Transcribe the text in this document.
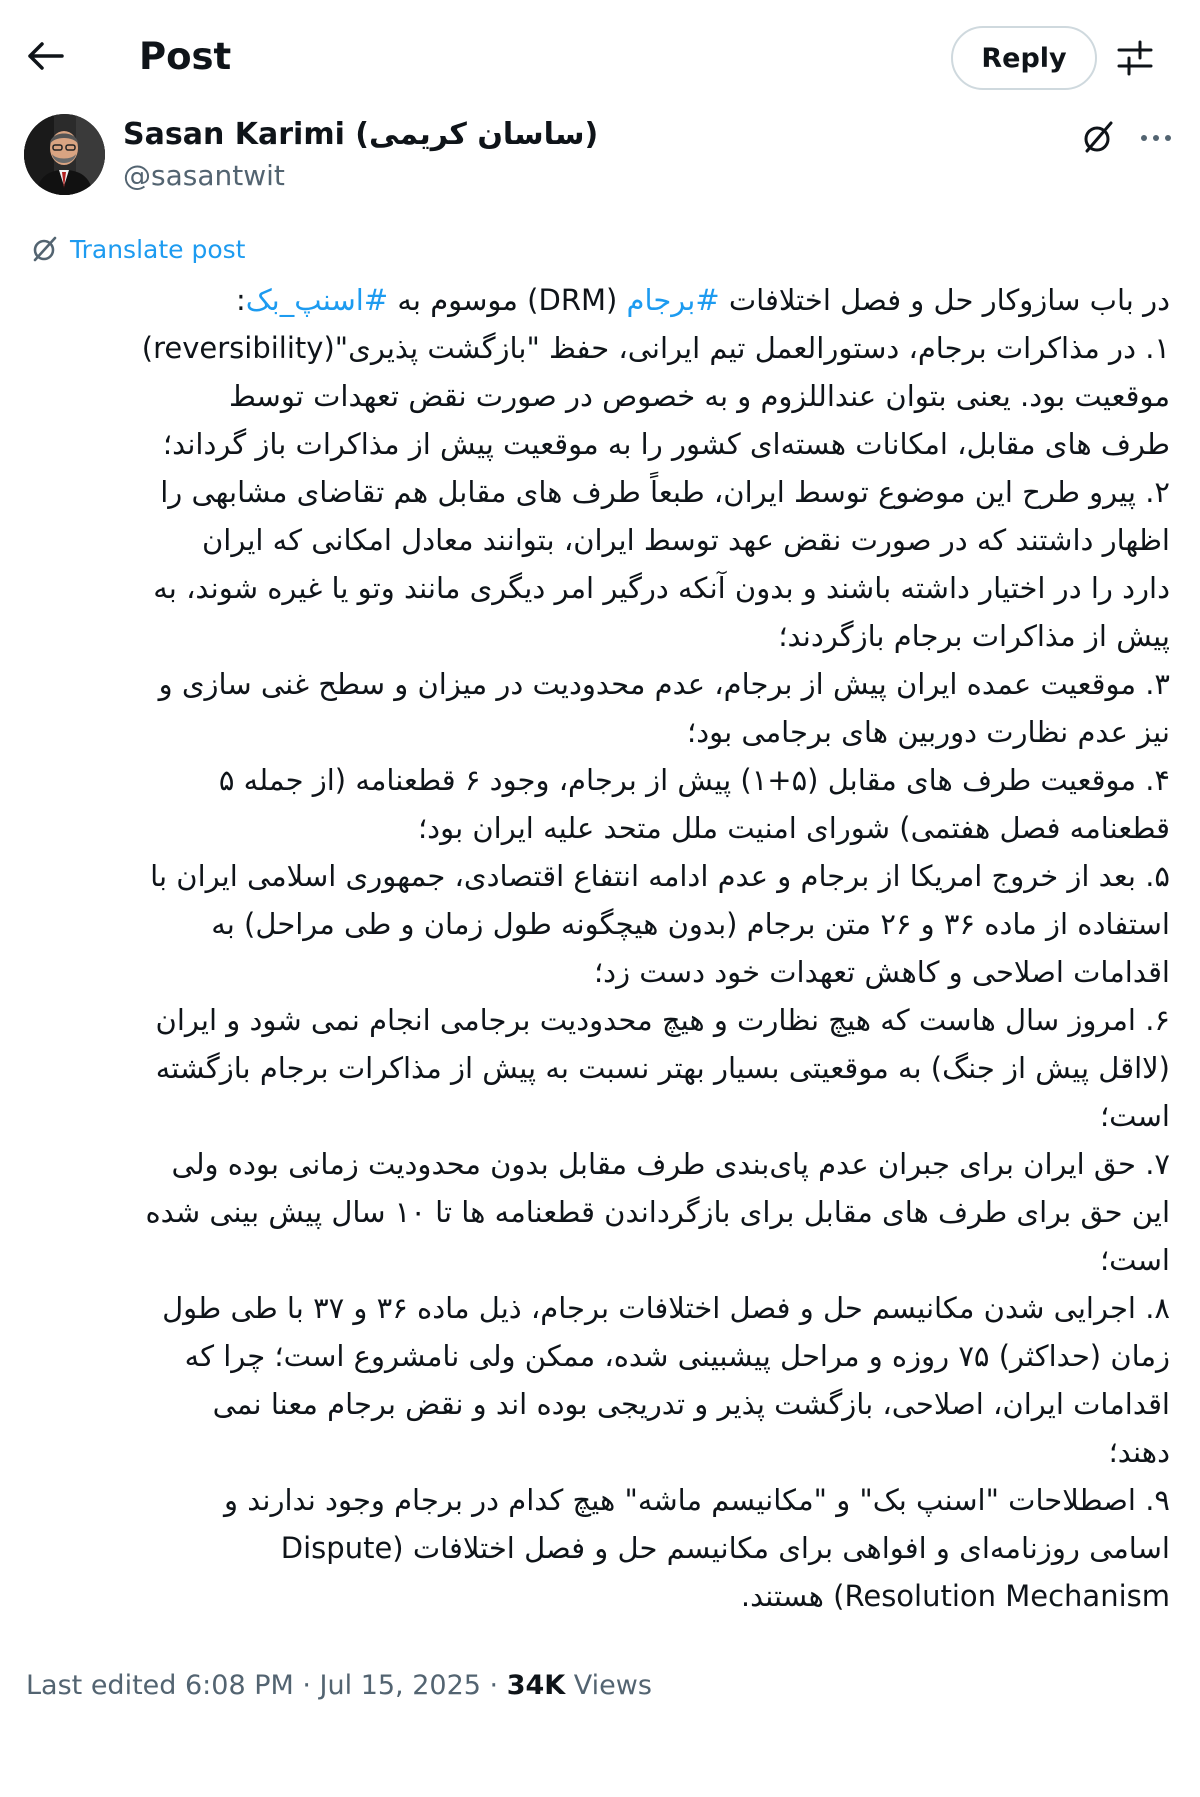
Post	Reply
Sasan Karimi (ساسان کریمی)
@sasantwit
Translate post
در باب سازوکار حل و فصل اختلافات #برجام (DRM) موسوم به #اسنپ_بک:
۱. در مذاکرات برجام، دستورالعمل تیم ایرانی، حفظ "بازگشت پذیری"(reversibility)
موقعیت بود. یعنی بتوان عنداللزوم و به خصوص در صورت نقض تعهدات توسط
طرف های مقابل، امکانات هسته‌ای کشور را به موقعیت پیش از مذاکرات باز گرداند؛
۲. پیرو طرح این موضوع توسط ایران، طبعاً طرف های مقابل هم تقاضای مشابهی را
اظهار داشتند که در صورت نقض عهد توسط ایران، بتوانند معادل امکانی که ایران
دارد را در اختیار داشته باشند و بدون آنکه درگیر امر دیگری مانند وتو یا غیره شوند، به
پیش از مذاکرات برجام بازگردند؛
۳. موقعیت عمده ایران پیش از برجام، عدم محدودیت در میزان و سطح غنی سازی و
نیز عدم نظارت دوربین های برجامی بود؛
۴. موقعیت طرف های مقابل (۵+۱) پیش از برجام، وجود ۶ قطعنامه (از جمله ۵
قطعنامه فصل هفتمی) شورای امنیت ملل متحد علیه ایران بود؛
۵. بعد از خروج امریکا از برجام و عدم ادامه انتفاع اقتصادی، جمهوری اسلامی ایران با
استفاده از ماده ۳۶ و ۲۶ متن برجام (بدون هیچگونه طول زمان و طی مراحل) به
اقدامات اصلاحی و کاهش تعهدات خود دست زد؛
۶. امروز سال هاست که هیچ نظارت و هیچ محدودیت برجامی انجام نمی شود و ایران
(لااقل پیش از جنگ) به موقعیتی بسیار بهتر نسبت به پیش از مذاکرات برجام بازگشته
است؛
۷. حق ایران برای جبران عدم پای‌بندی طرف مقابل بدون محدودیت زمانی بوده ولی
این حق برای طرف های مقابل برای بازگرداندن قطعنامه ها تا ۱۰ سال پیش بینی شده
است؛
۸. اجرایی شدن مکانیسم حل و فصل اختلافات برجام، ذیل ماده ۳۶ و ۳۷ با طی طول
زمان (حداکثر) ۷۵ روزه و مراحل پیشبینی شده، ممکن ولی نامشروع است؛ چرا که
اقدامات ایران، اصلاحی، بازگشت پذیر و تدریجی بوده اند و نقض برجام معنا نمی
دهند؛
۹. اصطلاحات "اسنپ بک" و "مکانیسم ماشه" هیچ کدام در برجام وجود ندارند و
اسامی روزنامه‌ای و افواهی برای مکانیسم حل و فصل اختلافات (Dispute
Resolution Mechanism) هستند.
Last edited 6:08 PM · Jul 15, 2025 · 34K Views
